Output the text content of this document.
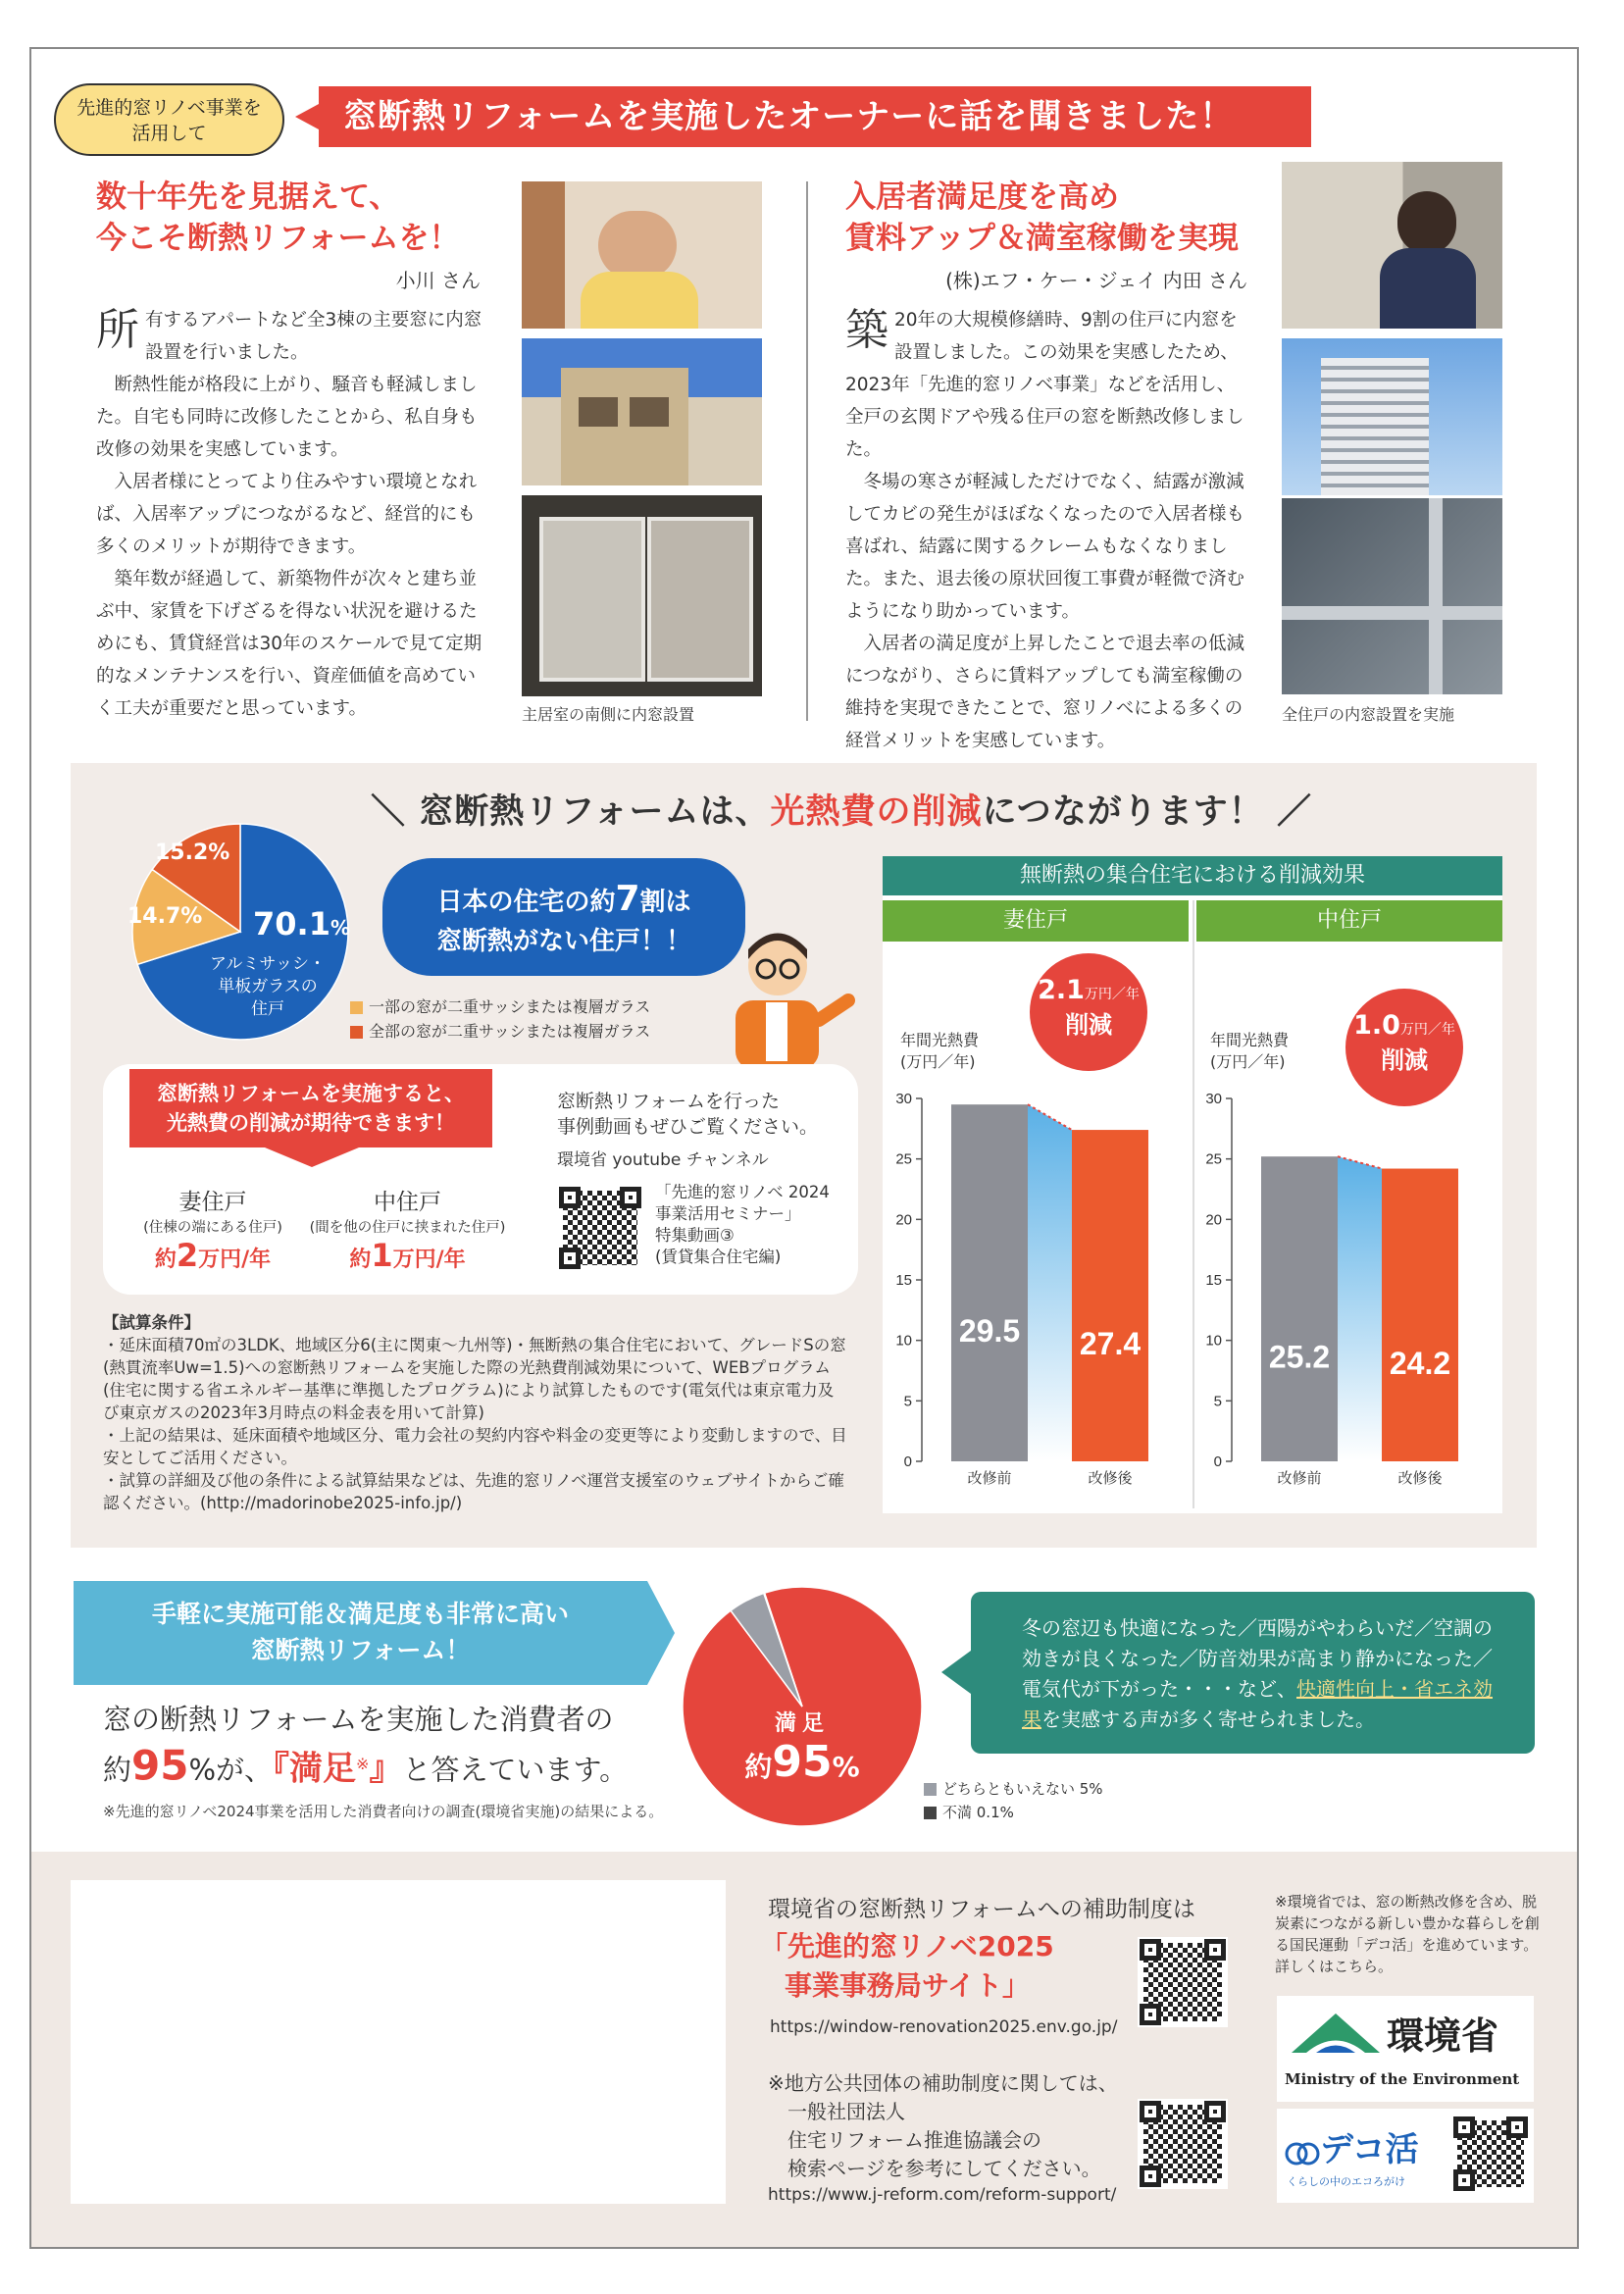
先進的窓リノベ事業を
活用して	窓断熱リフォームを実施したオーナーに話を聞きました！
数十年先を見据えて、
今こそ断熱リフォームを！
小川 さん

所有するアパートなど全3棟の主要窓に内窓設置を行いました。

断熱性能が格段に上がり、騒音も軽減しました。自宅も同時に改修したことから、私自身も改修の効果を実感しています。

入居者様にとってより住みやすい環境となれば、入居率アップにつながるなど、経営的にも多くのメリットが期待できます。

築年数が経過して、新築物件が次々と建ち並ぶ中、家賃を下げざるを得ない状況を避けるためにも、賃貸経営は30年のスケールで見て定期的なメンテナンスを行い、資産価値を高めていく工夫が重要だと思っています。	主居室の南側に内窓設置
入居者満足度を高め
賃料アップ＆満室稼働を実現
(株)エフ・ケー・ジェイ 内田 さん

築 20年の大規模修繕時、9割の住戸に内窓を設置しました。この効果を実感したため、2023年「先進的窓リノベ事業」などを活用し、全戸の玄関ドアや残る住戸の窓を断熱改修しました。

冬場の寒さが軽減しただけでなく、結露が激減してカビの発生がほぼなくなったので入居者様も喜ばれ、結露に関するクレームもなくなりました。また、退去後の原状回復工事費が軽微で済むようになり助かっています。

入居者の満足度が上昇したことで退去率の低減につながり、さらに賃料アップしても満室稼働の維持を実現できたことで、窓リノベによる多くの経営メリットを実感しています。

全住戸の内窓設置を実施
＼ 窓断熱リフォームは、光熱費の削減につながります！ ／
15.2%
14.7% 70.1%
アルミサッシ・
単板ガラスの
住戸
日本の住宅の約7割は
窓断熱がない住戸！！
一部の窓が二重サッシまたは複層ガラス
全部の窓が二重サッシまたは複層ガラス
窓断熱リフォームを実施すると、
光熱費の削減が期待できます！
妻住戸
(住棟の端にある住戸)
約2万円/年
中住戸
(間を他の住戸に挟まれた住戸)
約1万円/年
窓断熱リフォームを行った
事例動画もぜひご覧ください。
環境省 youtube チャンネル
「先進的窓リノベ 2024
事業活用セミナー」
特集動画③
(賃貸集合住宅編)
【試算条件】
・延床面積70㎡の3LDK、地域区分6(主に関東〜九州等)・無断熱の集合住宅において、グレードSの窓(熱貫流率Uw=1.5)への窓断熱リフォームを実施した際の光熱費削減効果について、WEBプログラム(住宅に関する省エネルギー基準に準拠したプログラム)により試算したものです(電気代は東京電力及び東京ガスの2023年3月時点の料金表を用いて計算)
・上記の結果は、延床面積や地域区分、電力会社の契約内容や料金の変更等により変動しますので、目安としてご活用ください。
・試算の詳細及び他の条件による試算結果などは、先進的窓リノベ運営支援室のウェブサイトからご確認ください。(http://madorinobe2025-info.jp/)
無断熱の集合住宅における削減効果
妻住戸	中住戸
年間光熱費
(万円／年)
年間光熱費
(万円／年)
0
5
10
15
20
25
30
29.5
改修前
27.4
改修後
0
5
10
15
20
25
30
25.2
改修前
24.2
改修後
2.1万円／年
削減	1.0万円／年
削減
手軽に実施可能＆満足度も非常に高い
窓断熱リフォーム！
窓の断熱リフォームを実施した消費者の
約95%が、『満足※』と答えています。
※先進的窓リノベ2024事業を活用した消費者向けの調査(環境省実施)の結果による。
満足
約95%
どちらともいえない 5%
不満 0.1%
冬の窓辺も快適になった／西陽がやわらいだ／空調の効きが良くなった／防音効果が高まり静かになった／電気代が下がった・・・など、快適性向上・省エネ効果を実感する声が多く寄せられました。
環境省の窓断熱リフォームへの補助制度は
「先進的窓リノベ2025
事業事務局サイト」
https://window-renovation2025.env.go.jp/
※地方公共団体の補助制度に関しては、
一般社団法人
住宅リフォーム推進協議会の
検索ページを参考にしてください。
https://www.j-reform.com/reform-support/
※環境省では、窓の断熱改修を含め、脱炭素につながる新しい豊かな暮らしを創る国民運動「デコ活」を進めています。詳しくはこちら。
環境省
Ministry of the Environment
デコ活
くらしの中のエコろがけ
